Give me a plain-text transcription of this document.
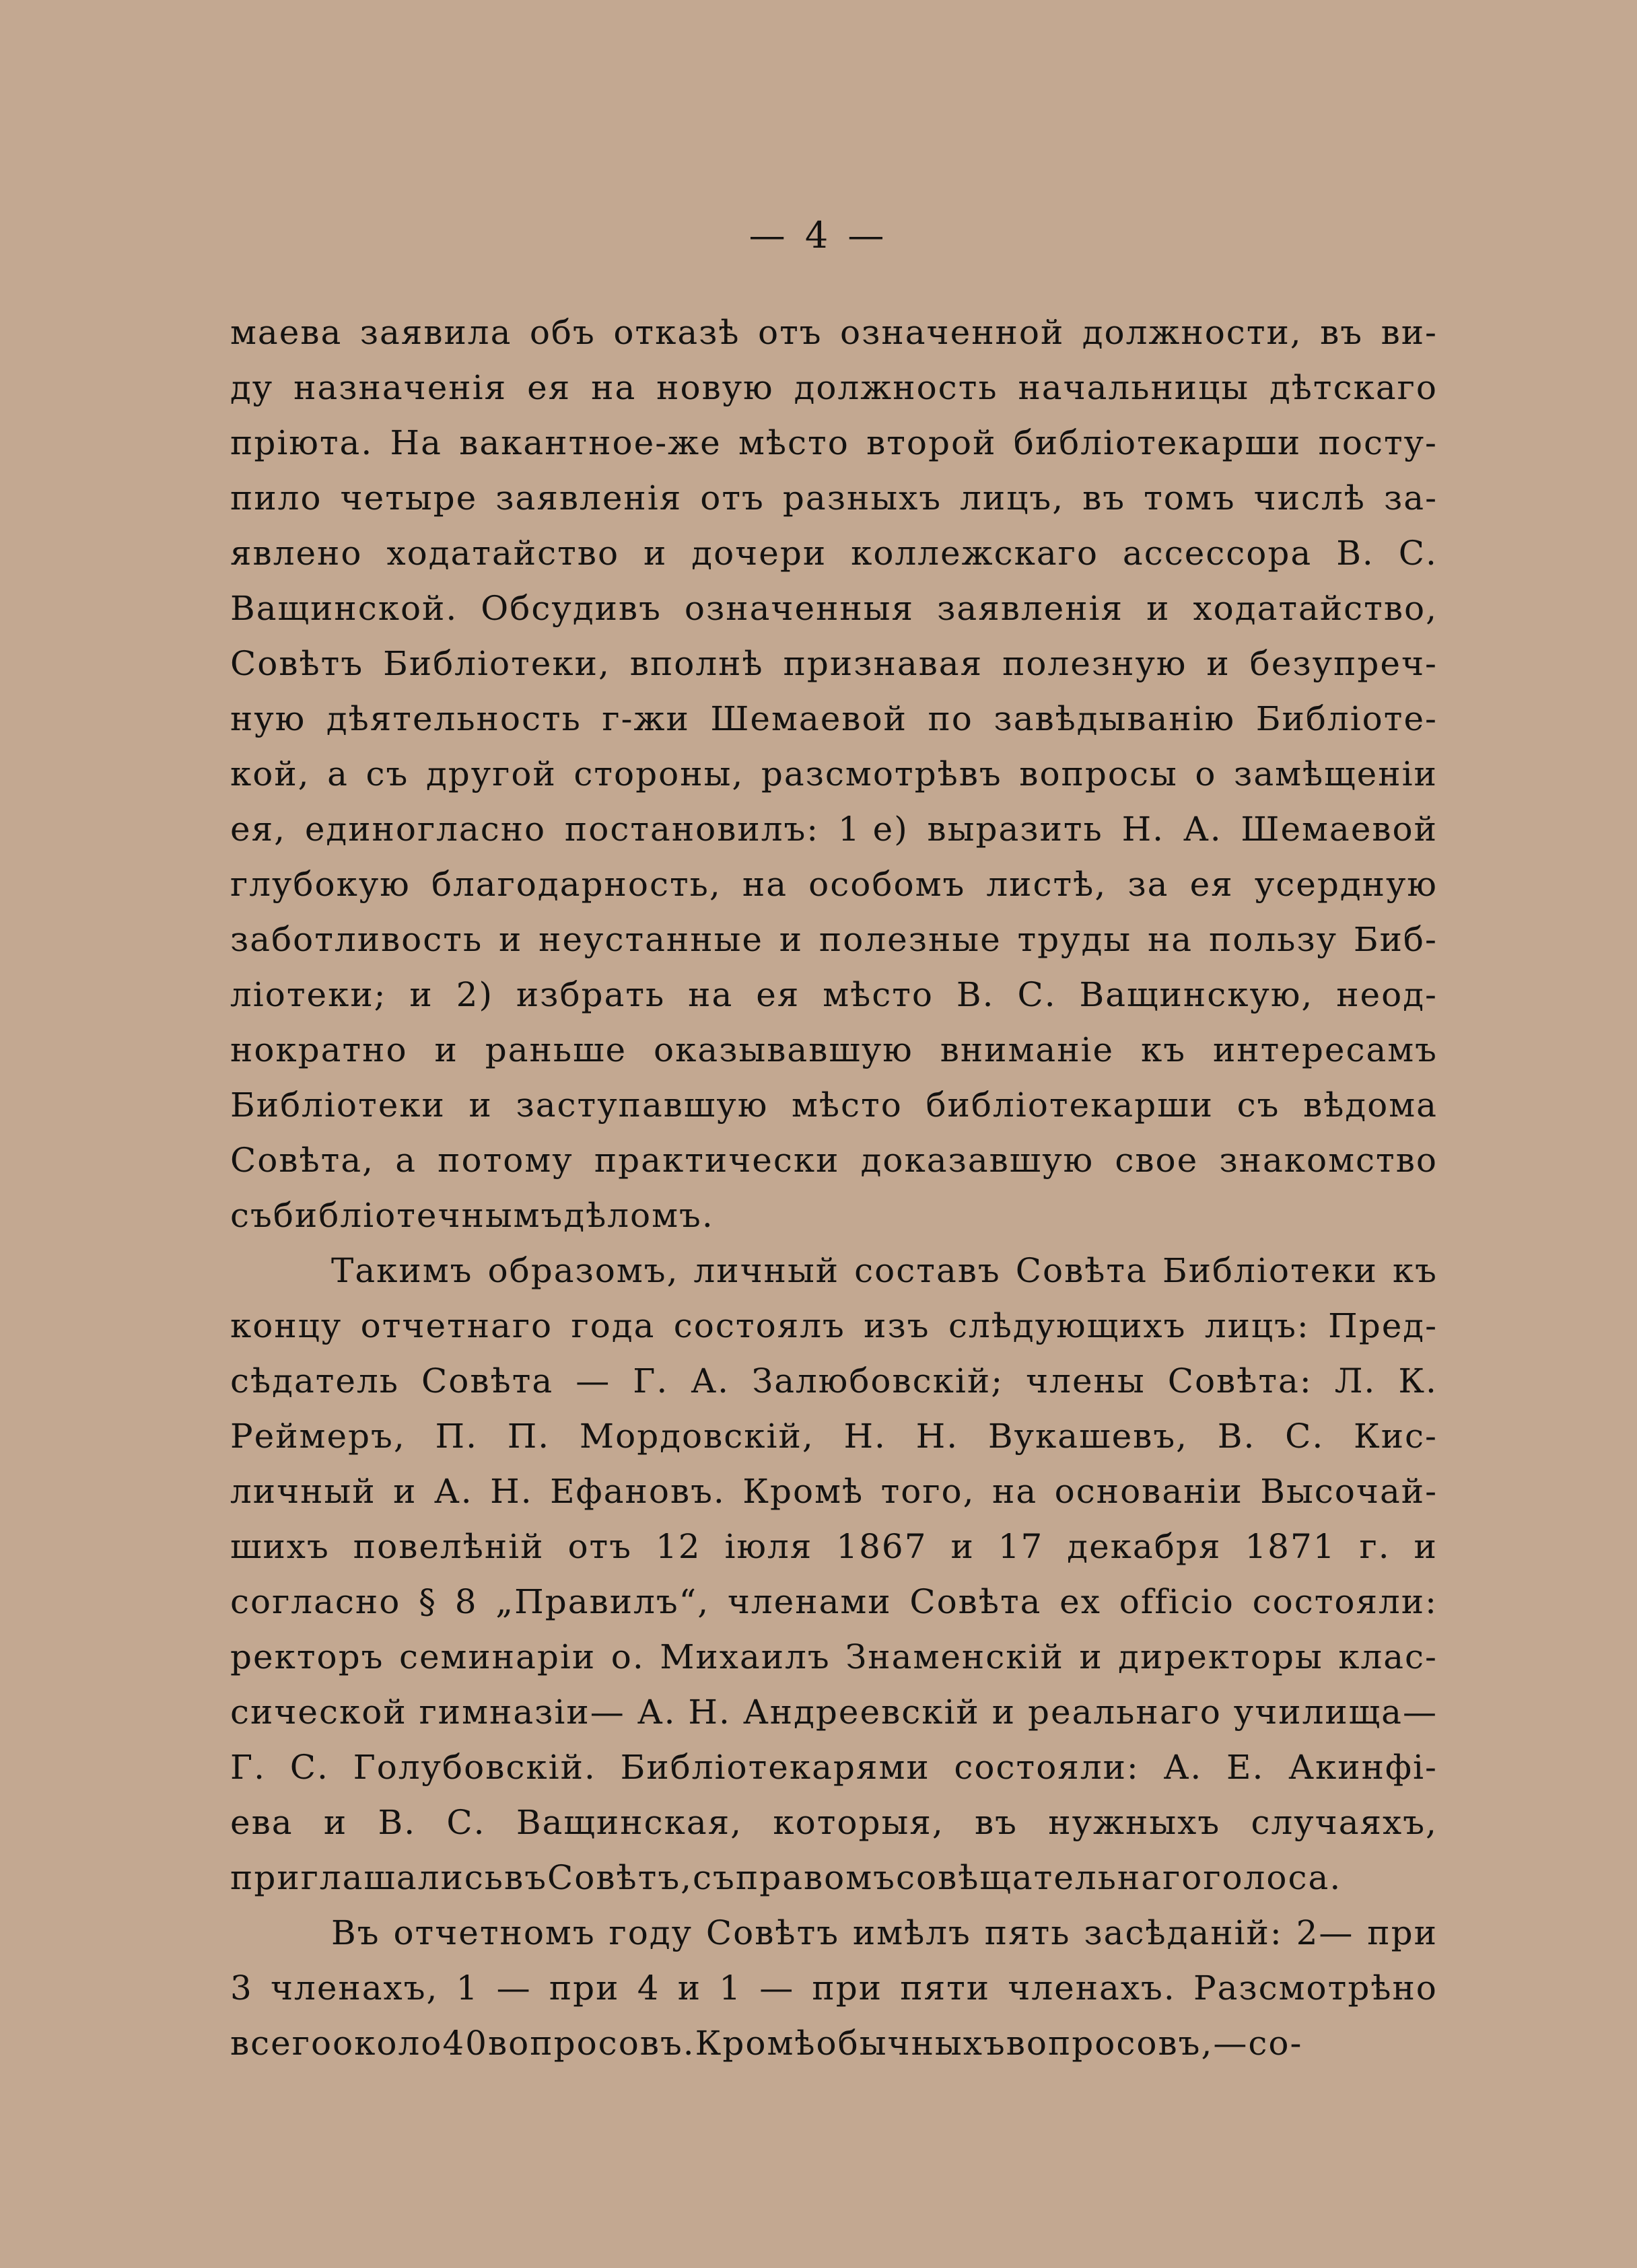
— 4 —
маева заявила объ отказѣ отъ означенной должности, въ ви-
ду назначенія ея на новую должность начальницы дѣтскаго
пріюта. На вакантное-же мѣсто второй библіотекарши посту-
пило четыре заявленія отъ разныхъ лицъ, въ томъ числѣ за-
явлено ходатайство и дочери коллежскаго ассессора В. С.
Ващинской. Обсудивъ означенныя заявленія и ходатайство,
Совѣтъ Библіотеки, вполнѣ признавая полезную и безупреч-
ную дѣятельность г-жи Шемаевой по завѣдыванію Библіоте-
кой, а съ другой стороны, разсмотрѣвъ вопросы о замѣщеніи
ея, единогласно постановилъ: 1 е) выразить Н. А. Шемаевой
глубокую благодарность, на особомъ листѣ, за ея усердную
заботливость и неустанные и полезные труды на пользу Биб-
ліотеки; и 2) избрать на ея мѣсто В. С. Ващинскую, неод-
нократно и раньше оказывавшую вниманіе къ интересамъ
Библіотеки и заступавшую мѣсто библіотекарши съ вѣдома
Совѣта, а потому практически доказавшую свое знакомство
съ библіотечнымъ дѣломъ.
Такимъ образомъ, личный составъ Совѣта Библіотеки къ
концу отчетнаго года состоялъ изъ слѣдующихъ лицъ: Пред-
сѣдатель Совѣта — Г. А. Залюбовскій; члены Совѣта: Л. К.
Реймеръ, П. П. Мордовскій, Н. Н. Вукашевъ, В. С. Кис-
личный и А. Н. Ефановъ. Кромѣ того, на основаніи Высочай-
шихъ повелѣній отъ 12 іюля 1867 и 17 декабря 1871 г. и
согласно § 8 „Правилъ“, членами Совѣта ex officio состояли:
ректоръ семинаріи о. Михаилъ Знаменскій и директоры клас-
сической гимназіи— А. Н. Андреевскій и реальнаго училища—
Г. С. Голубовскій. Библіотекарями состояли: А. Е. Акинфі-
ева и В. С. Ващинская, которыя, въ нужныхъ случаяхъ,
приглашались въ Совѣтъ, съ правомъ совѣщательнаго голоса.
Въ отчетномъ году Совѣтъ имѣлъ пять засѣданій: 2— при
3 членахъ, 1 — при 4 и 1 — при пяти членахъ. Разсмотрѣно
всего около 40 вопросовъ. Кромѣ обычныхъ вопросовъ,—со-
